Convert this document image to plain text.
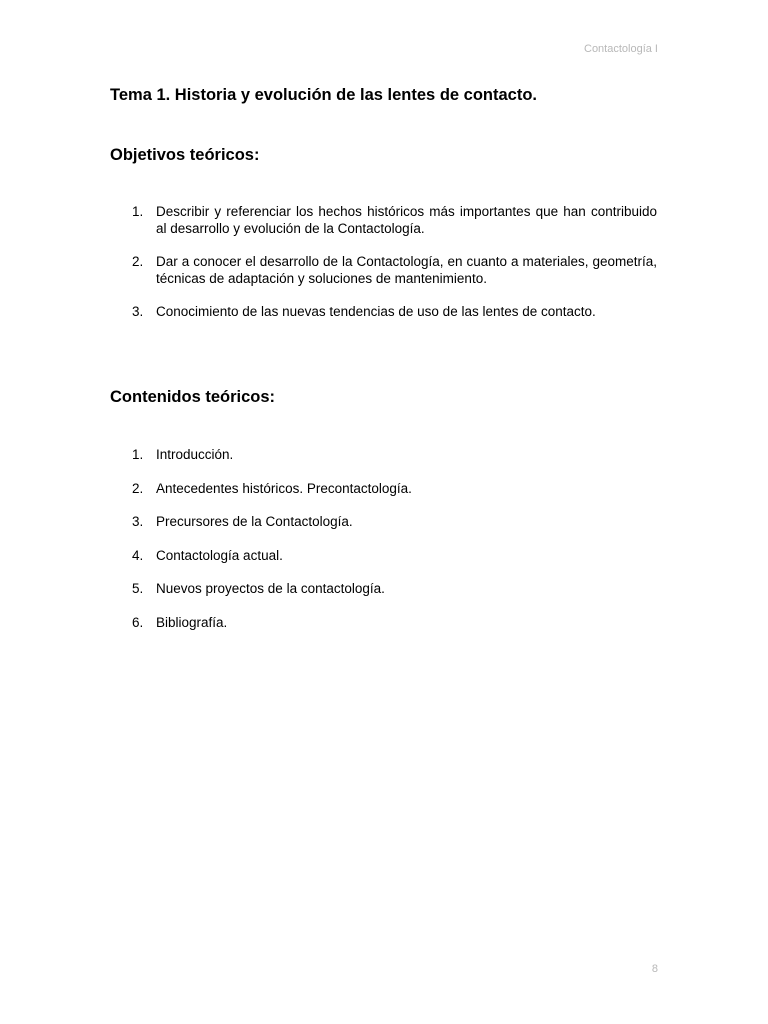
Contactología I
Tema 1. Historia y evolución de las lentes de contacto.
Objetivos teóricos:
1. Describir y referenciar los hechos históricos más importantes que han contribuido al desarrollo y evolución de la Contactología.
2. Dar a conocer el desarrollo de la Contactología, en cuanto a materiales, geometría, técnicas de adaptación y soluciones de mantenimiento.
3. Conocimiento de las nuevas tendencias de uso de las lentes de contacto.
Contenidos teóricos:
1. Introducción.
2. Antecedentes históricos. Precontactología.
3. Precursores de la Contactología.
4. Contactología actual.
5. Nuevos proyectos de la contactología.
6. Bibliografía.
8
